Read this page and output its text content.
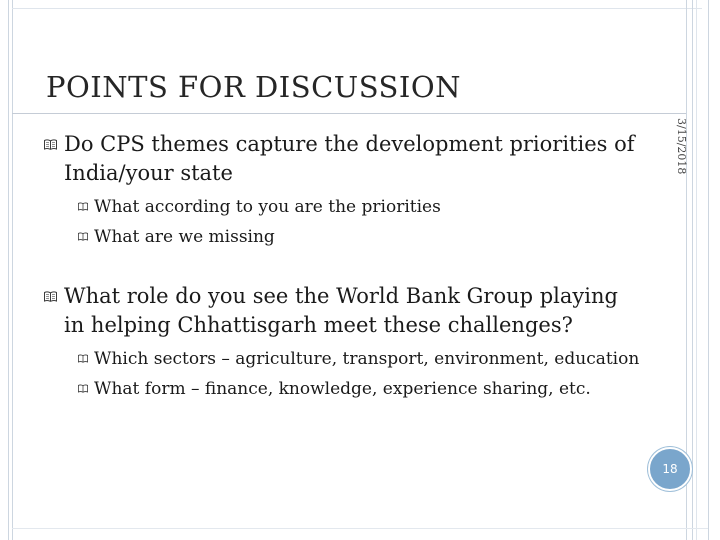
POINTS FOR DISCUSSION
3/15/2018
Do CPS themes capture the development priorities of India/your state
What according to you are the priorities
What are we missing
What role do you see the World Bank Group playing in helping Chhattisgarh meet these challenges?
Which sectors – agriculture, transport, environment, education
What form – finance, knowledge, experience sharing, etc.
18
